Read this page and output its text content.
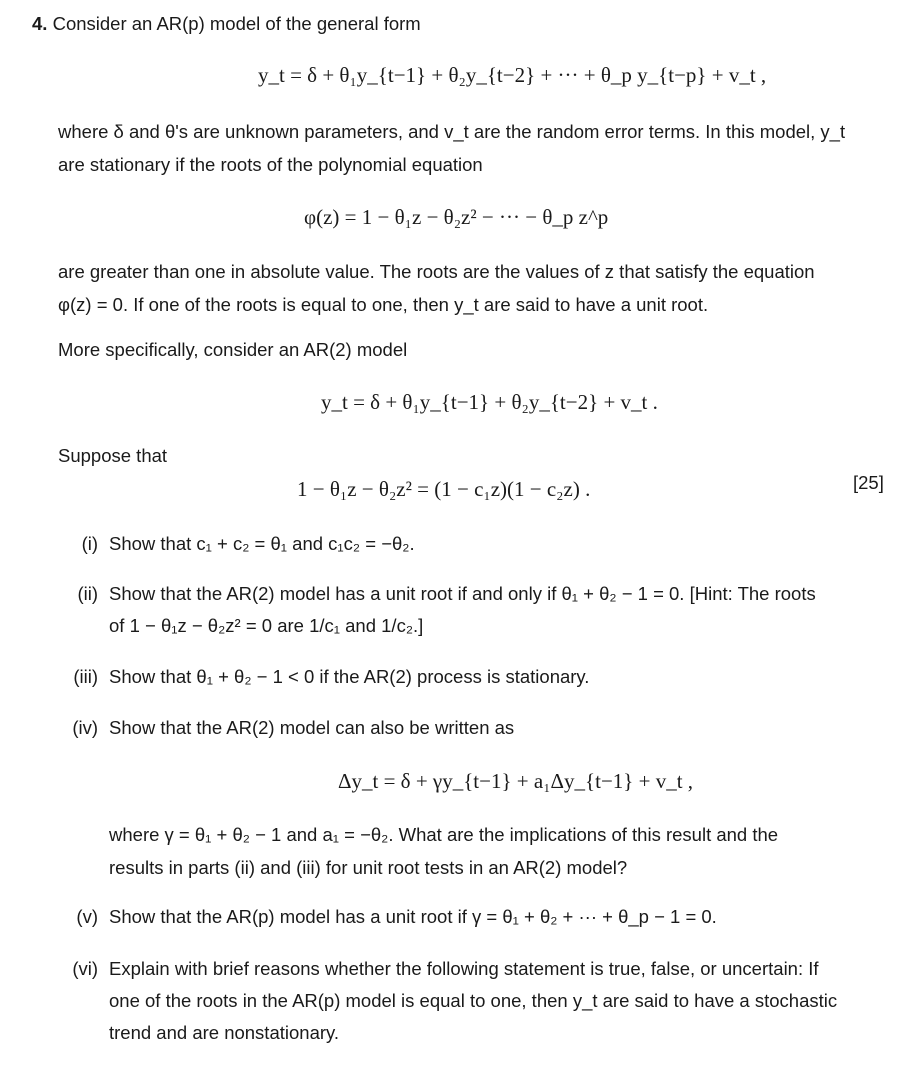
4. Consider an AR(p) model of the general form
y_t = δ + θ₁y_{t−1} + θ₂y_{t−2} + ··· + θ_p y_{t−p} + v_t ,
where δ and θ's are unknown parameters, and v_t are the random error terms. In this model, y_t
are stationary if the roots of the polynomial equation
φ(z) = 1 − θ₁z − θ₂z² − ··· − θ_p z^p
are greater than one in absolute value. The roots are the values of z that satisfy the equation
φ(z) = 0. If one of the roots is equal to one, then y_t are said to have a unit root.
More specifically, consider an AR(2) model
y_t = δ + θ₁y_{t−1} + θ₂y_{t−2} + v_t .
Suppose that
1 − θ₁z − θ₂z² = (1 − c₁z)(1 − c₂z) .	[25]
(i) Show that c₁ + c₂ = θ₁ and c₁c₂ = −θ₂.
(ii) Show that the AR(2) model has a unit root if and only if θ₁ + θ₂ − 1 = 0. [Hint: The roots
of 1 − θ₁z − θ₂z² = 0 are 1/c₁ and 1/c₂.]
(iii) Show that θ₁ + θ₂ − 1 < 0 if the AR(2) process is stationary.
(iv) Show that the AR(2) model can also be written as
Δy_t = δ + γy_{t−1} + a₁Δy_{t−1} + v_t ,
where γ = θ₁ + θ₂ − 1 and a₁ = −θ₂. What are the implications of this result and the
results in parts (ii) and (iii) for unit root tests in an AR(2) model?
(v) Show that the AR(p) model has a unit root if γ = θ₁ + θ₂ + ··· + θ_p − 1 = 0.
(vi) Explain with brief reasons whether the following statement is true, false, or uncertain: If
one of the roots in the AR(p) model is equal to one, then y_t are said to have a stochastic
trend and are nonstationary.
